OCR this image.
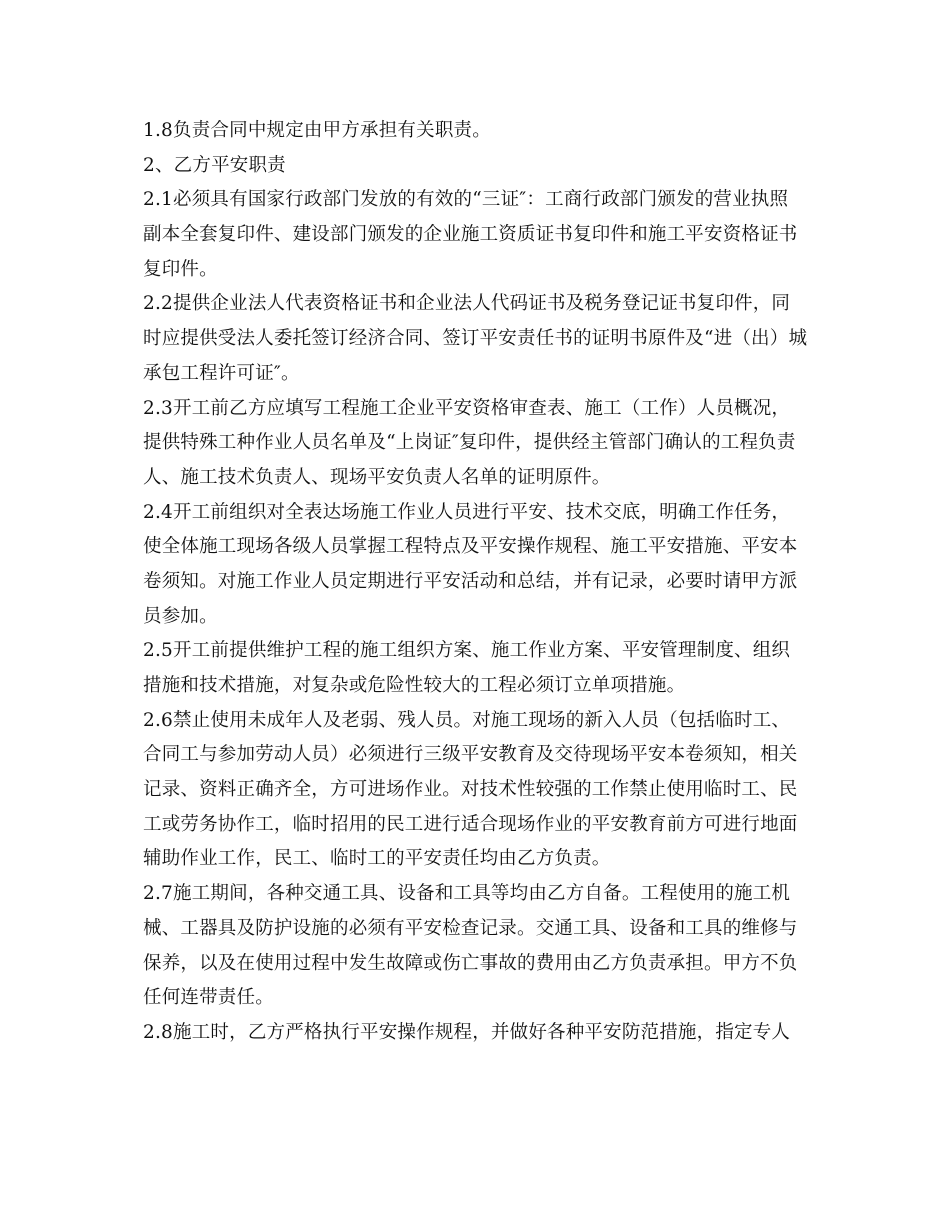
1.8负责合同中规定由甲方承担有关职责。
2、乙方平安职责
2.1必须具有国家行政部门发放的有效的“三证″：工商行政部门颁发的营业执照
副本全套复印件、建设部门颁发的企业施工资质证书复印件和施工平安资格证书
复印件。
2.2提供企业法人代表资格证书和企业法人代码证书及税务登记证书复印件，同
时应提供受法人委托签订经济合同、签订平安责任书的证明书原件及“进（出）城
承包工程许可证″。
2.3开工前乙方应填写工程施工企业平安资格审查表、施工（工作）人员概况，
提供特殊工种作业人员名单及“上岗证″复印件，提供经主管部门确认的工程负责
人、施工技术负责人、现场平安负责人名单的证明原件。
2.4开工前组织对全表达场施工作业人员进行平安、技术交底，明确工作任务，
使全体施工现场各级人员掌握工程特点及平安操作规程、施工平安措施、平安本
卷须知。对施工作业人员定期进行平安活动和总结，并有记录，必要时请甲方派
员参加。
2.5开工前提供维护工程的施工组织方案、施工作业方案、平安管理制度、组织
措施和技术措施，对复杂或危险性较大的工程必须订立单项措施。
2.6禁止使用未成年人及老弱、残人员。对施工现场的新入人员（包括临时工、
合同工与参加劳动人员）必须进行三级平安教育及交待现场平安本卷须知，相关
记录、资料正确齐全，方可进场作业。对技术性较强的工作禁止使用临时工、民
工或劳务协作工，临时招用的民工进行适合现场作业的平安教育前方可进行地面
辅助作业工作，民工、临时工的平安责任均由乙方负责。
2.7施工期间，各种交通工具、设备和工具等均由乙方自备。工程使用的施工机
械、工器具及防护设施的必须有平安检查记录。交通工具、设备和工具的维修与
保养，以及在使用过程中发生故障或伤亡事故的费用由乙方负责承担。甲方不负
任何连带责任。
2.8施工时，乙方严格执行平安操作规程，并做好各种平安防范措施，指定专人
